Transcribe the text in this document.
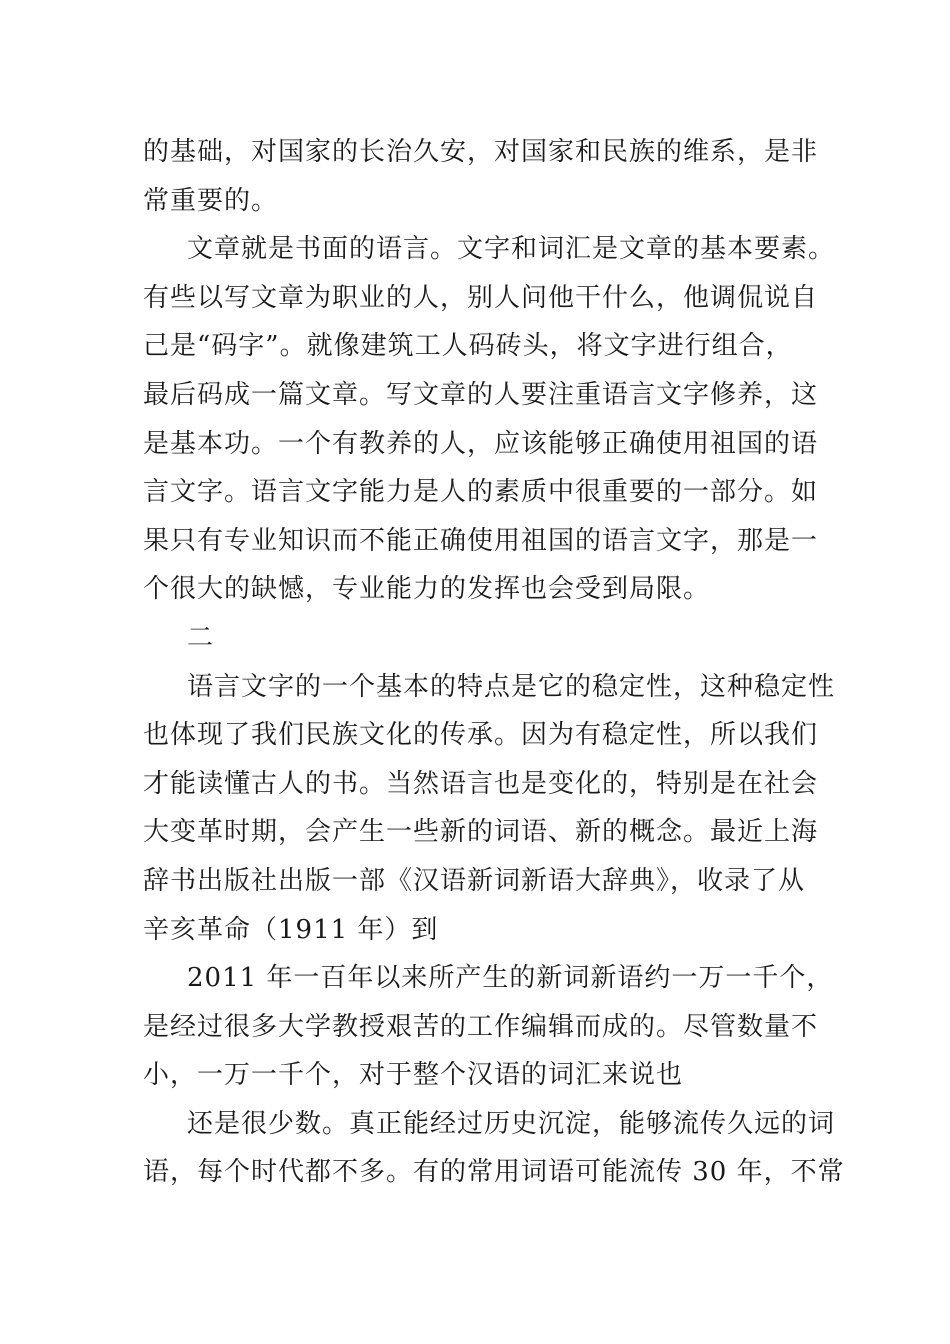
的基础，对国家的长治久安，对国家和民族的维系，是非
常重要的。
文章就是书面的语言。文字和词汇是文章的基本要素。
有些以写文章为职业的人，别人问他干什么，他调侃说自
己是“码字”。就像建筑工人码砖头，将文字进行组合，
最后码成一篇文章。写文章的人要注重语言文字修养，这
是基本功。一个有教养的人，应该能够正确使用祖国的语
言文字。语言文字能力是人的素质中很重要的一部分。如
果只有专业知识而不能正确使用祖国的语言文字，那是一
个很大的缺憾，专业能力的发挥也会受到局限。
二
语言文字的一个基本的特点是它的稳定性，这种稳定性
也体现了我们民族文化的传承。因为有稳定性，所以我们
才能读懂古人的书。当然语言也是变化的，特别是在社会
大变革时期，会产生一些新的词语、新的概念。最近上海
辞书出版社出版一部《汉语新词新语大辞典》，收录了从
辛亥革命（1911 年）到
2011 年一百年以来所产生的新词新语约一万一千个，
是经过很多大学教授艰苦的工作编辑而成的。尽管数量不
小，一万一千个，对于整个汉语的词汇来说也
还是很少数。真正能经过历史沉淀，能够流传久远的词
语，每个时代都不多。有的常用词语可能流传 30 年，不常
